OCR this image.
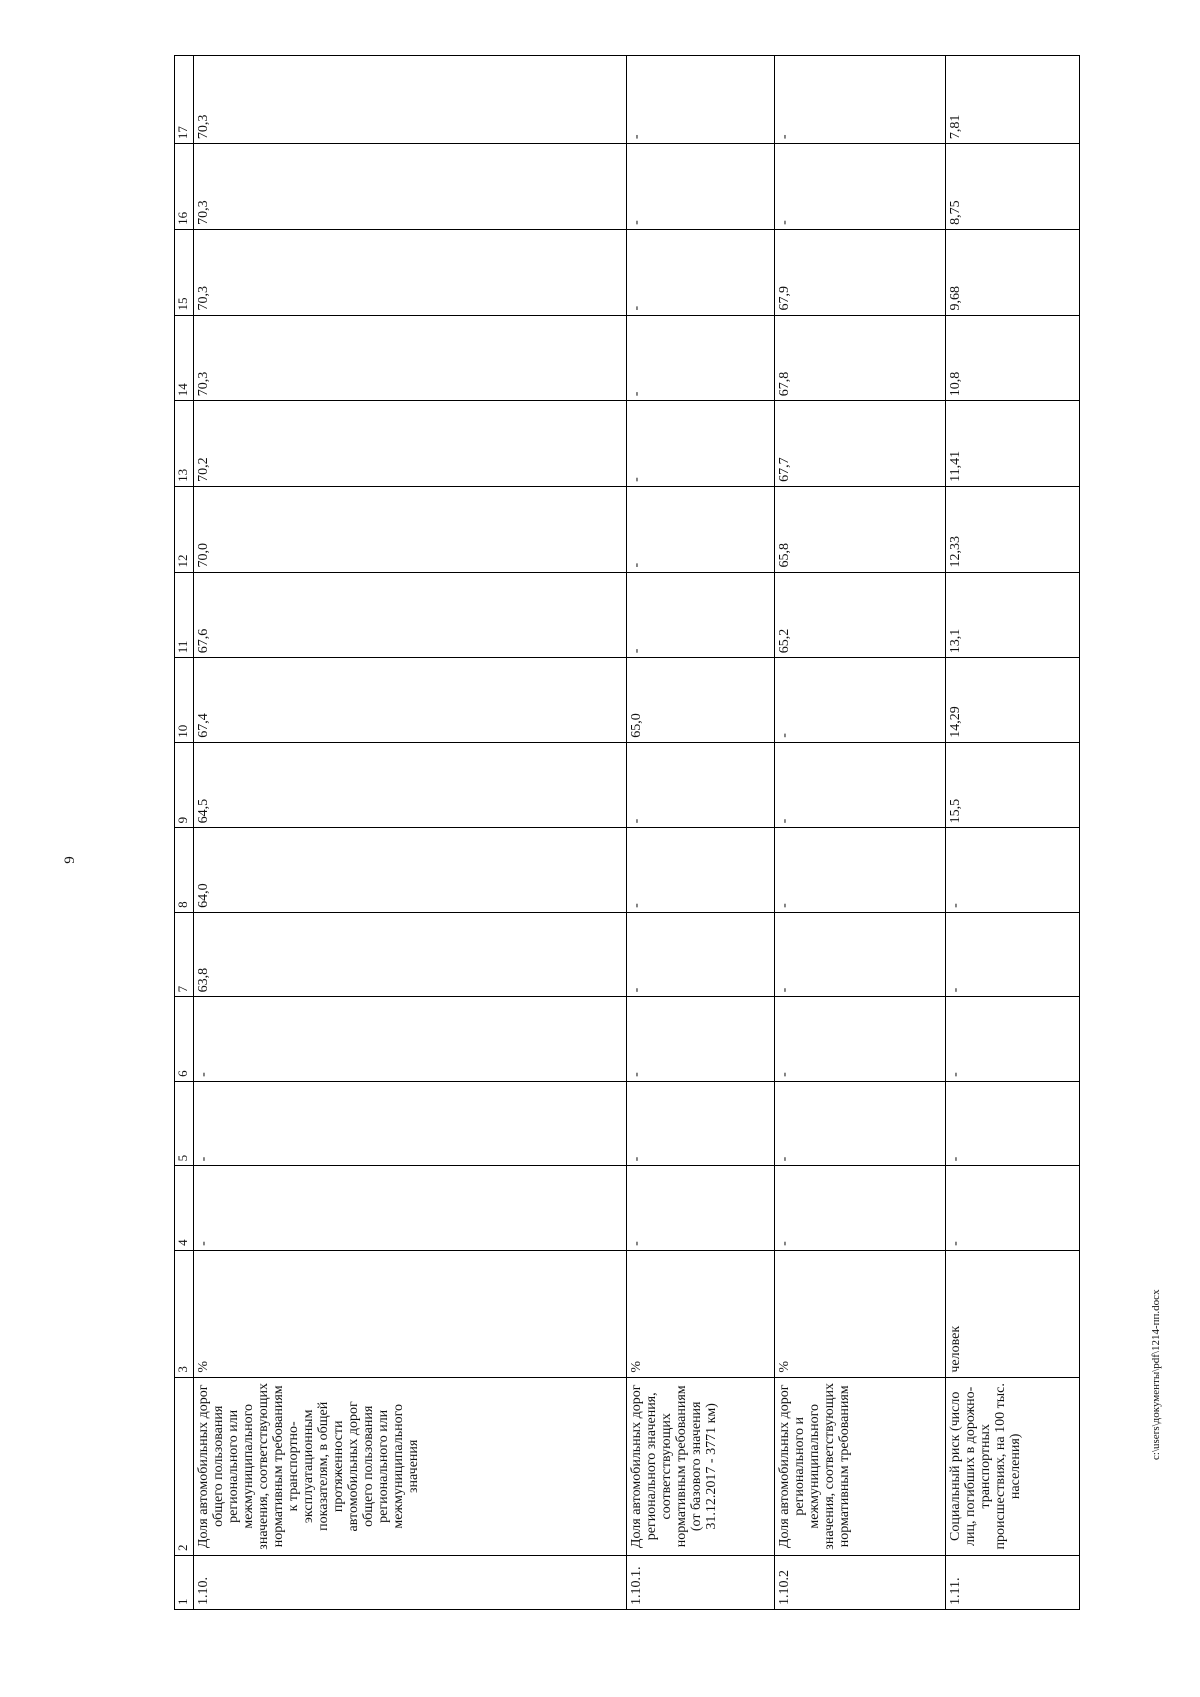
9
1	2	3	4	5	6	7	8	9	10	11	12	13	14	15	16	17
1.10.	Доля автомобильных дорог общего пользования регионального или межмуниципального значения, соответствующих нормативным требованиям к транспортно-эксплуатационным показателям, в общей протяженности автомобильных дорог общего пользования регионального или межмуниципального значения	%	-	-	-	63,8	64,0	64,5	67,4	67,6	70,0	70,2	70,3	70,3	70,3	70,3
1.10.1.	Доля автомобильных дорог регионального значения, соответствующих нормативным требованиям (от базового значения 31.12.2017 - 3771 км)	%	-	-	-	-	-	-	65,0	-	-	-	-	-	-	-
1.10.2	Доля автомобильных дорог регионального и межмуниципального значения, соответствующих нормативным требованиям	%	-	-	-	-	-	-	-	65,2	65,8	67,7	67,8	67,9	-	-
1.11.	Социальный риск (число лиц, погибших в дорожно-транспортных происшествиях, на 100 тыс. населения)	человек	-	-	-	-	-	15,5	14,29	13,1	12,33	11,41	10,8	9,68	8,75	7,81
c:\users\документы\pdf\1214-пп.docx
